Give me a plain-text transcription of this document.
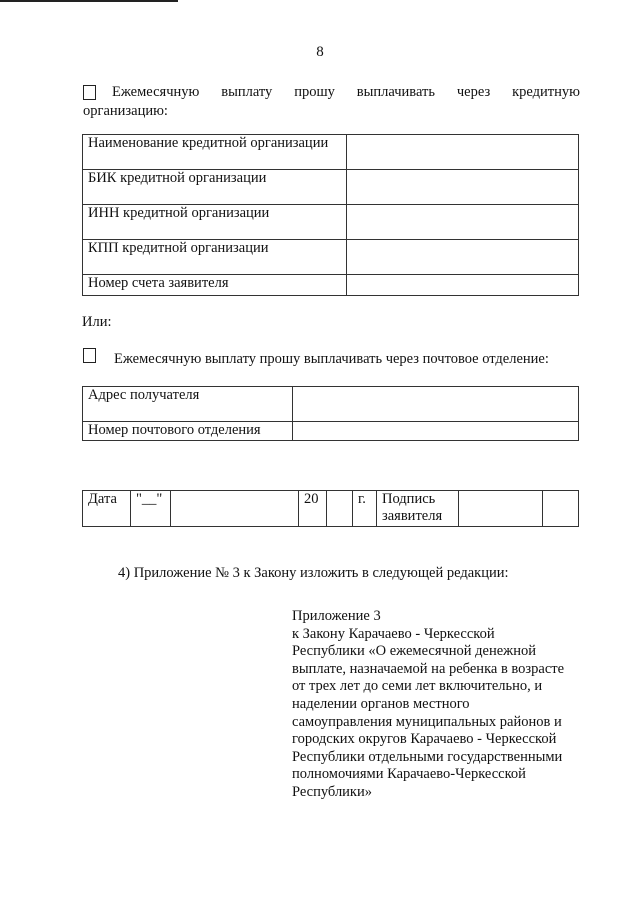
8
Ежемесячную выплату прошу выплачивать через кредитную
организацию:
Наименование кредитной организации	
БИК кредитной организации	
ИНН кредитной организации	
КПП кредитной организации	
Номер счета заявителя	
Или:
Ежемесячную выплату прошу выплачивать через почтовое отделение:
Адрес получателя	
Номер почтового отделения	
Дата	"__"		20		г.	Подпись
заявителя

4) Приложение № 3 к Закону изложить в следующей редакции:
Приложение 3
к Закону Карачаево - Черкесской
Республики «О ежемесячной денежной
выплате, назначаемой на ребенка в возрасте
от трех лет до семи лет включительно, и
наделении органов местного
самоуправления муниципальных районов и
городских округов Карачаево - Черкесской
Республики отдельными государственными
полномочиями Карачаево-Черкесской
Республики»
